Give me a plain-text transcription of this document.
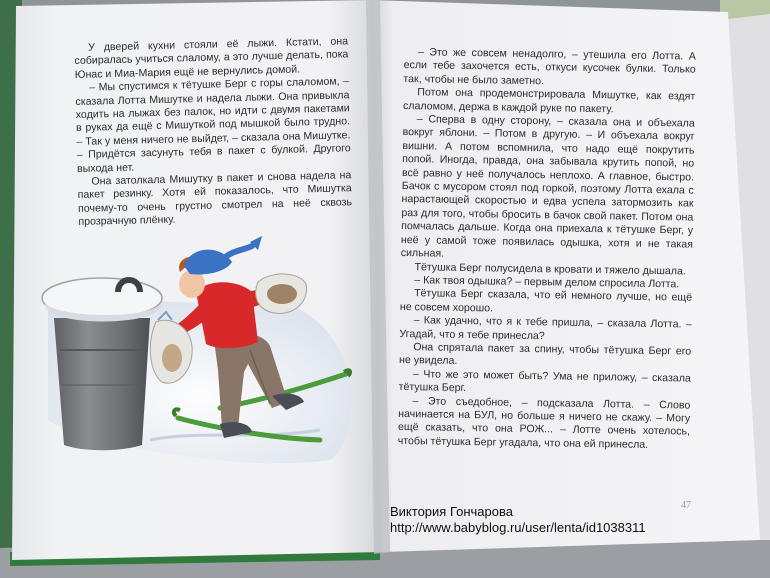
У дверей кухни стояли её лыжи. Кстати, она собиралась учиться слалому, а это лучше делать, пока Юнас и Миа-Мария ещё не вернулись домой.

– Мы спустимся к тётушке Берг с горы слаломом, – сказала Лотта Мишутке и надела лыжи. Она привыкла ходить на лыжах без палок, но идти с двумя пакетами в руках да ещё с Мишуткой под мышкой было трудно. – Так у меня ничего не выйдет, – сказала она Мишутке. – Придётся засунуть тебя в пакет с булкой. Другого выхода нет.

Она затолкала Мишутку в пакет и снова надела на пакет резинку. Хотя ей показалось, что Мишутка почему-то очень грустно смотрел на неё сквозь прозрачную плёнку.

– Это же совсем ненадолго, – утешила его Лотта. А если тебе захочется есть, откуси кусочек булки. Только так, чтобы не было заметно.

Потом она продемонстрировала Мишутке, как ездят слаломом, держа в каждой руке по пакету.

– Сперва в одну сторону, – сказала она и объехала вокруг яблони. – Потом в другую. – И объехала вокруг вишни. А потом вспомнила, что надо ещё покрутить попой. Иногда, правда, она забывала крутить попой, но всё равно у неё получалось неплохо. А главное, быстро. Бачок с мусором стоял под горкой, поэтому Лотта ехала с нарастающей скоростью и едва успела затормозить как раз для того, чтобы бросить в бачок свой пакет. Потом она помчалась дальше. Когда она приехала к тётушке Берг, у неё у самой тоже появилась одышка, хотя и не такая сильная.

Тётушка Берг полусидела в кровати и тяжело дышала.

– Как твоя одышка? – первым делом спросила Лотта.

Тётушка Берг сказала, что ей немного лучше, но ещё не совсем хорошо.

– Как удачно, что я к тебе пришла, – сказала Лотта. – Угадай, что я тебе принесла?

Она спрятала пакет за спину, чтобы тётушка Берг его не увидела.

– Что же это может быть? Ума не приложу, – сказала тётушка Берг.

– Это съедобное, – подсказала Лотта. – Слово начинается на БУЛ, но больше я ничего не скажу. – Могу ещё сказать, что она РОЖ... – Лотте очень хотелось, чтобы тётушка Берг угадала, что она ей принесла.

47
Виктория Гончарова
http://www.babyblog.ru/user/lenta/id1038311
